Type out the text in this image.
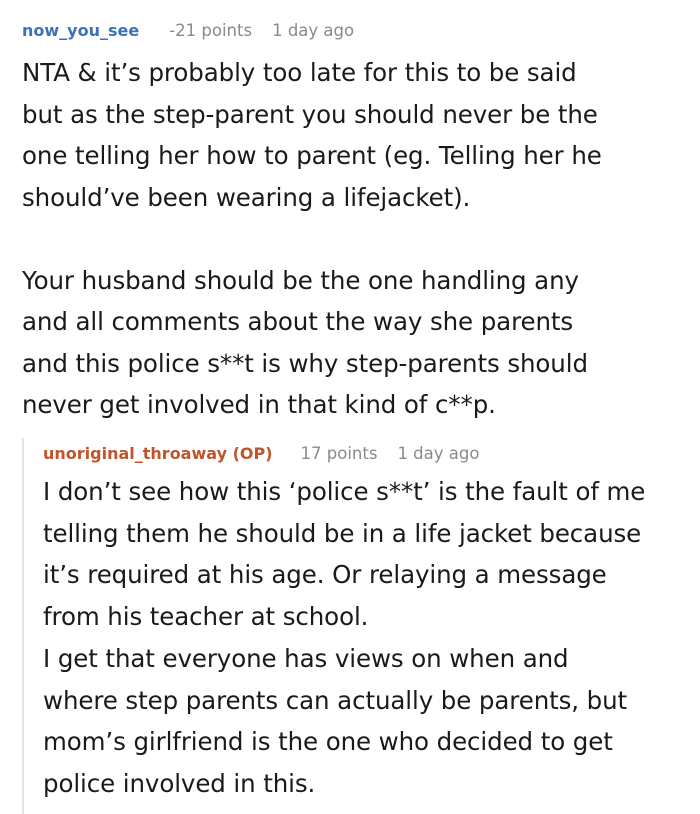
now_you_see -21 points 1 day ago
NTA & it’s probably too late for this to be said
but as the step-parent you should never be the
one telling her how to parent (eg. Telling her he
should’ve been wearing a lifejacket).
Your husband should be the one handling any
and all comments about the way she parents
and this police s**t is why step-parents should
never get involved in that kind of c**p.
unoriginal_throaway (OP) 17 points 1 day ago
I don’t see how this ‘police s**t’ is the fault of me
telling them he should be in a life jacket because
it’s required at his age. Or relaying a message
from his teacher at school.
I get that everyone has views on when and
where step parents can actually be parents, but
mom’s girlfriend is the one who decided to get
police involved in this.
